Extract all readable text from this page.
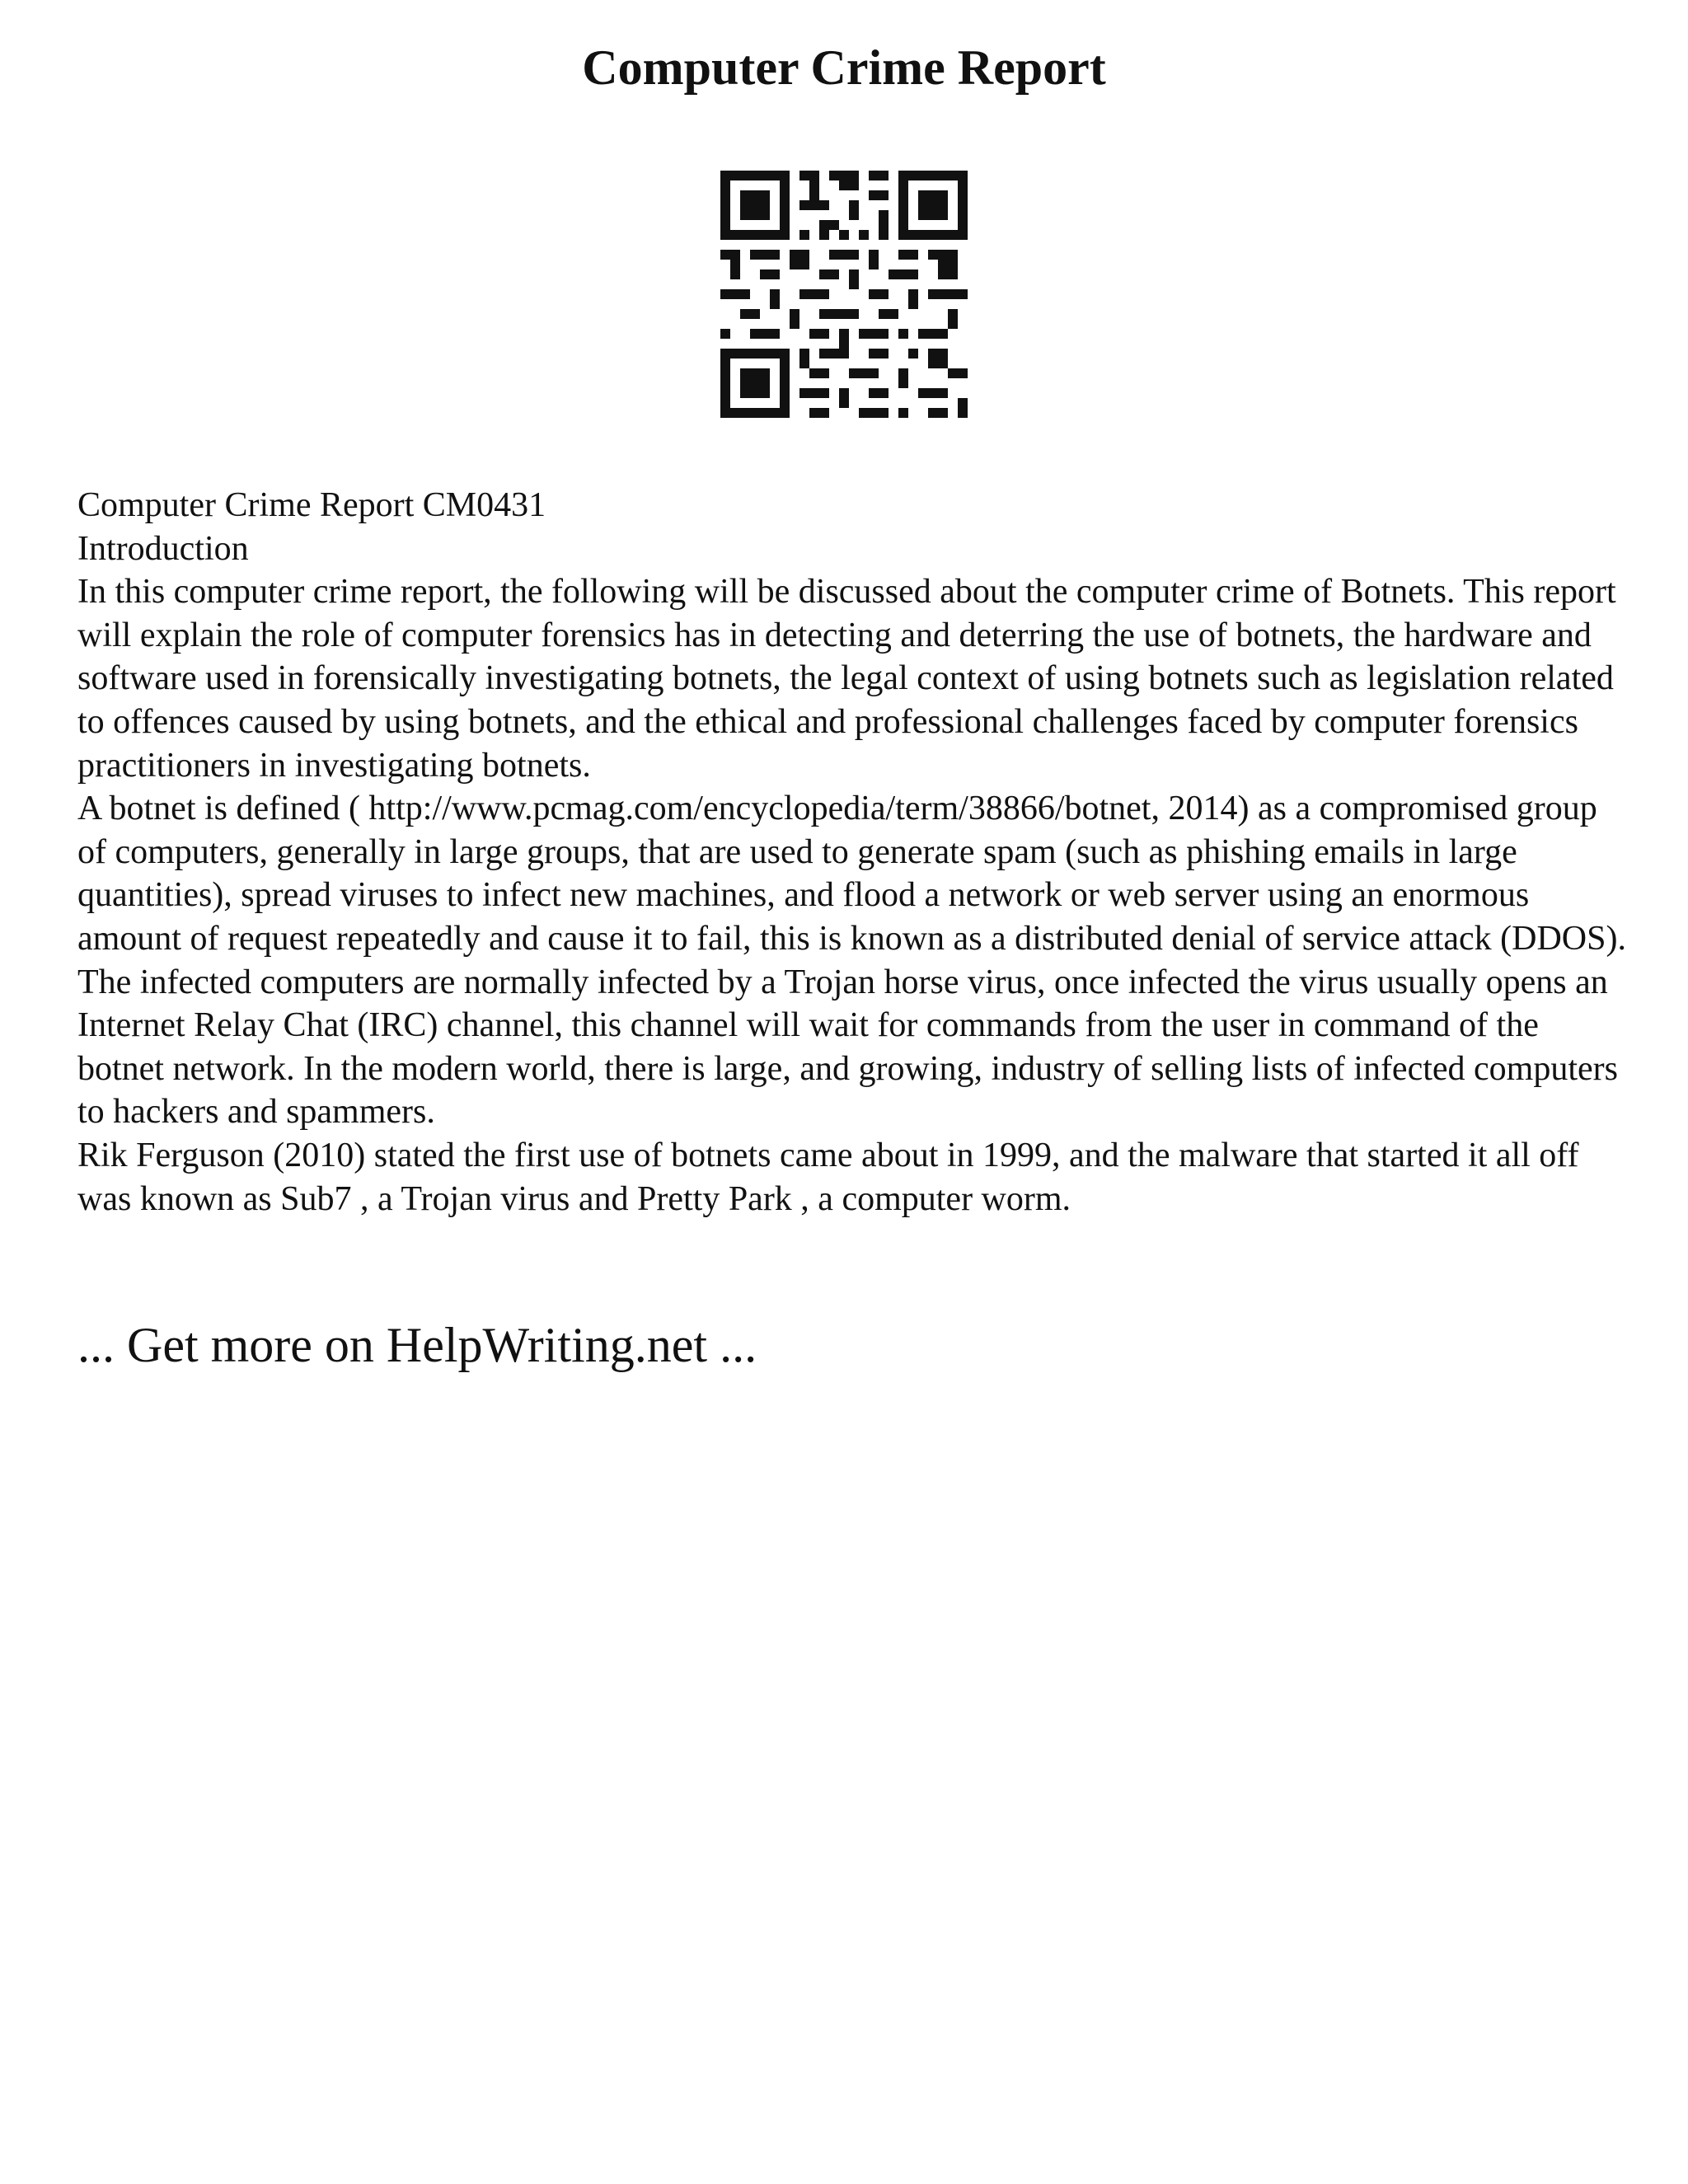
Computer Crime Report

Computer Crime Report CM0431

Introduction

In this computer crime report, the following will be discussed about the computer crime of Botnets. This report will explain the role of computer forensics has in detecting and deterring the use of botnets, the hardware and software used in forensically investigating botnets, the legal context of using botnets such as legislation related to offences caused by using botnets, and the ethical and professional challenges faced by computer forensics practitioners in investigating botnets.

A botnet is defined ( http://www.pcmag.com/encyclopedia/term/38866/botnet, 2014) as a compromised group of computers, generally in large groups, that are used to generate spam (such as phishing emails in large quantities), spread viruses to infect new machines, and flood a network or web server using an enormous amount of request repeatedly and cause it to fail, this is known as a distributed denial of service attack (DDOS).

The infected computers are normally infected by a Trojan horse virus, once infected the virus usually opens an Internet Relay Chat (IRC) channel, this channel will wait for commands from the user in command of the botnet network. In the modern world, there is large, and growing, industry of selling lists of infected computers to hackers and spammers.

Rik Ferguson (2010) stated the first use of botnets came about in 1999, and the malware that started it all off was known as Sub7 , a Trojan virus and Pretty Park , a computer worm.

... Get more on HelpWriting.net ...
